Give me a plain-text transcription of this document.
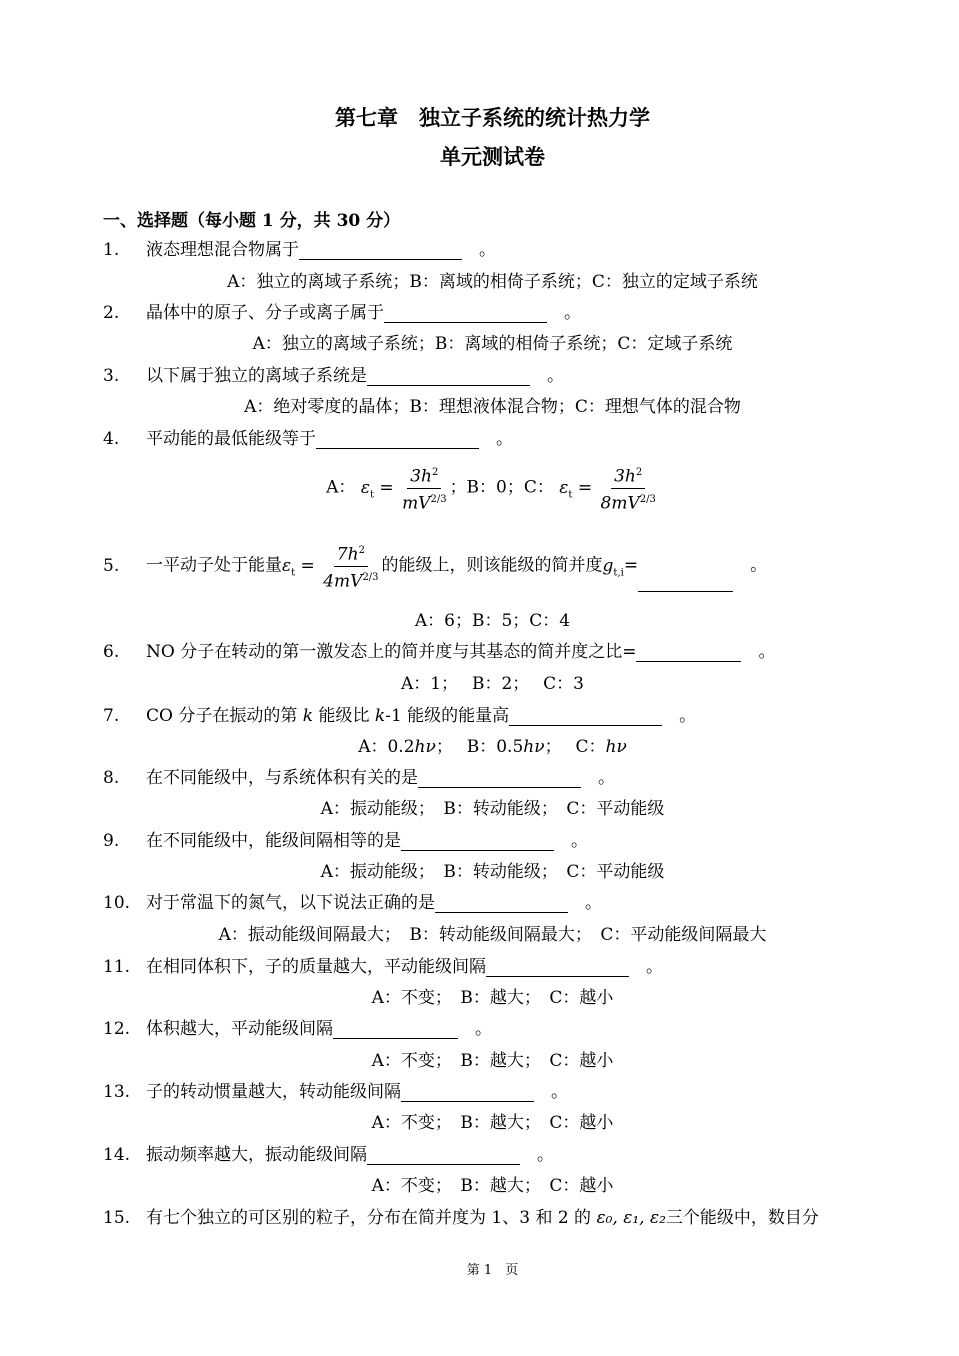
第七章　独立子系统的统计热力学
单元测试卷
一、选择题（每小题 1 分，共 30 分）
1. 液态理想混合物属于　	。
A：独立的离域子系统；B：离域的相倚子系统；C：独立的定域子系统
2. 晶体中的原子、分子或离子属于　	。
A：独立的离域子系统；B：离域的相倚子系统；C：定域子系统
3. 以下属于独立的离域子系统是　	。
A：绝对零度的晶体；B：理想液体混合物；C：理想气体的混合物
4. 平动能的最低能级等于　	。
A： $\varepsilon_t = \frac{3h^2}{mV^{2/3}}$ ；B：0；C： $\varepsilon_t = \frac{3h^2}{8mV^{2/3}}$
5. 一平动子处于能量$\varepsilon_t = \frac{7h^2}{4mV^{2/3}}$ 的能级上，则该能级的简并度$g_{t,i}=$　	。
A：6；B：5；C：4
6. NO 分子在转动的第一激发态上的简并度与其基态的简并度之比=　	。
A：1；　 B：2；　 C：3
7. CO 分子在振动的第 k 能级比 k-1 能级的能量高　	。
A：0.2hν；　 B：0.5hν；　 C：hν
8. 在不同能级中，与系统体积有关的是　	。
A：振动能级；　B：转动能级；　C：平动能级
9. 在不同能级中，能级间隔相等的是　	。
A：振动能级；　B：转动能级；　C：平动能级
10. 对于常温下的氮气，以下说法正确的是　	。
A：振动能级间隔最大；　B：转动能级间隔最大；　C：平动能级间隔最大
11. 在相同体积下，子的质量越大，平动能级间隔　	。
A：不变；　B：越大；　C：越小
12. 体积越大，平动能级间隔　	。
A：不变；　B：越大；　C：越小
13. 子的转动惯量越大，转动能级间隔　	。
A：不变；　B：越大；　C：越小
14. 振动频率越大，振动能级间隔　	。
A：不变；　B：越大；　C：越小
15. 有七个独立的可区别的粒子，分布在简并度为 1、3 和 2 的 ε₀, ε₁, ε₂三个能级中，数目分
第 1　页
